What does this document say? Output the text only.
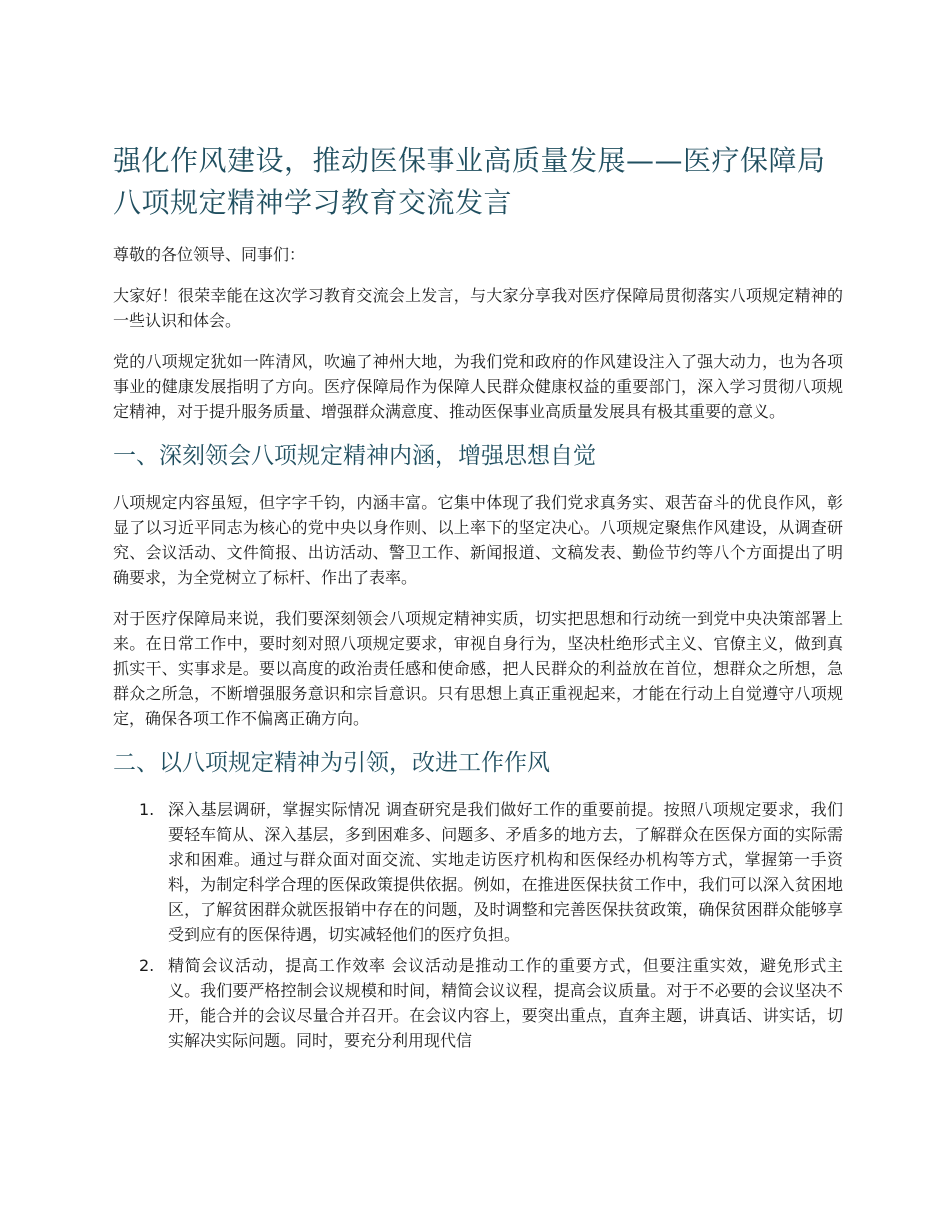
强化作风建设，推动医保事业高质量发展——医疗保障局八项规定精神学习教育交流发言

尊敬的各位领导、同事们：

大家好！很荣幸能在这次学习教育交流会上发言，与大家分享我对医疗保障局贯彻落实八项规定精神的一些认识和体会。

党的八项规定犹如一阵清风，吹遍了神州大地，为我们党和政府的作风建设注入了强大动力，也为各项事业的健康发展指明了方向。医疗保障局作为保障人民群众健康权益的重要部门，深入学习贯彻八项规定精神，对于提升服务质量、增强群众满意度、推动医保事业高质量发展具有极其重要的意义。

一、深刻领会八项规定精神内涵，增强思想自觉

八项规定内容虽短，但字字千钧，内涵丰富。它集中体现了我们党求真务实、艰苦奋斗的优良作风，彰显了以习近平同志为核心的党中央以身作则、以上率下的坚定决心。八项规定聚焦作风建设，从调查研究、会议活动、文件简报、出访活动、警卫工作、新闻报道、文稿发表、勤俭节约等八个方面提出了明确要求，为全党树立了标杆、作出了表率。

对于医疗保障局来说，我们要深刻领会八项规定精神实质，切实把思想和行动统一到党中央决策部署上来。在日常工作中，要时刻对照八项规定要求，审视自身行为，坚决杜绝形式主义、官僚主义，做到真抓实干、实事求是。要以高度的政治责任感和使命感，把人民群众的利益放在首位，想群众之所想，急群众之所急，不断增强服务意识和宗旨意识。只有思想上真正重视起来，才能在行动上自觉遵守八项规定，确保各项工作不偏离正确方向。

二、以八项规定精神为引领，改进工作作风
1. 深入基层调研，掌握实际情况 调查研究是我们做好工作的重要前提。按照八项规定要求，我们要轻车简从、深入基层，多到困难多、问题多、矛盾多的地方去，了解群众在医保方面的实际需求和困难。通过与群众面对面交流、实地走访医疗机构和医保经办机构等方式，掌握第一手资料，为制定科学合理的医保政策提供依据。例如，在推进医保扶贫工作中，我们可以深入贫困地区，了解贫困群众就医报销中存在的问题，及时调整和完善医保扶贫政策，确保贫困群众能够享受到应有的医保待遇，切实减轻他们的医疗负担。
2. 精简会议活动，提高工作效率 会议活动是推动工作的重要方式，但要注重实效，避免形式主义。我们要严格控制会议规模和时间，精简会议议程，提高会议质量。对于不必要的会议坚决不开，能合并的会议尽量合并召开。在会议内容上，要突出重点，直奔主题，讲真话、讲实话，切实解决实际问题。同时，要充分利用现代信
